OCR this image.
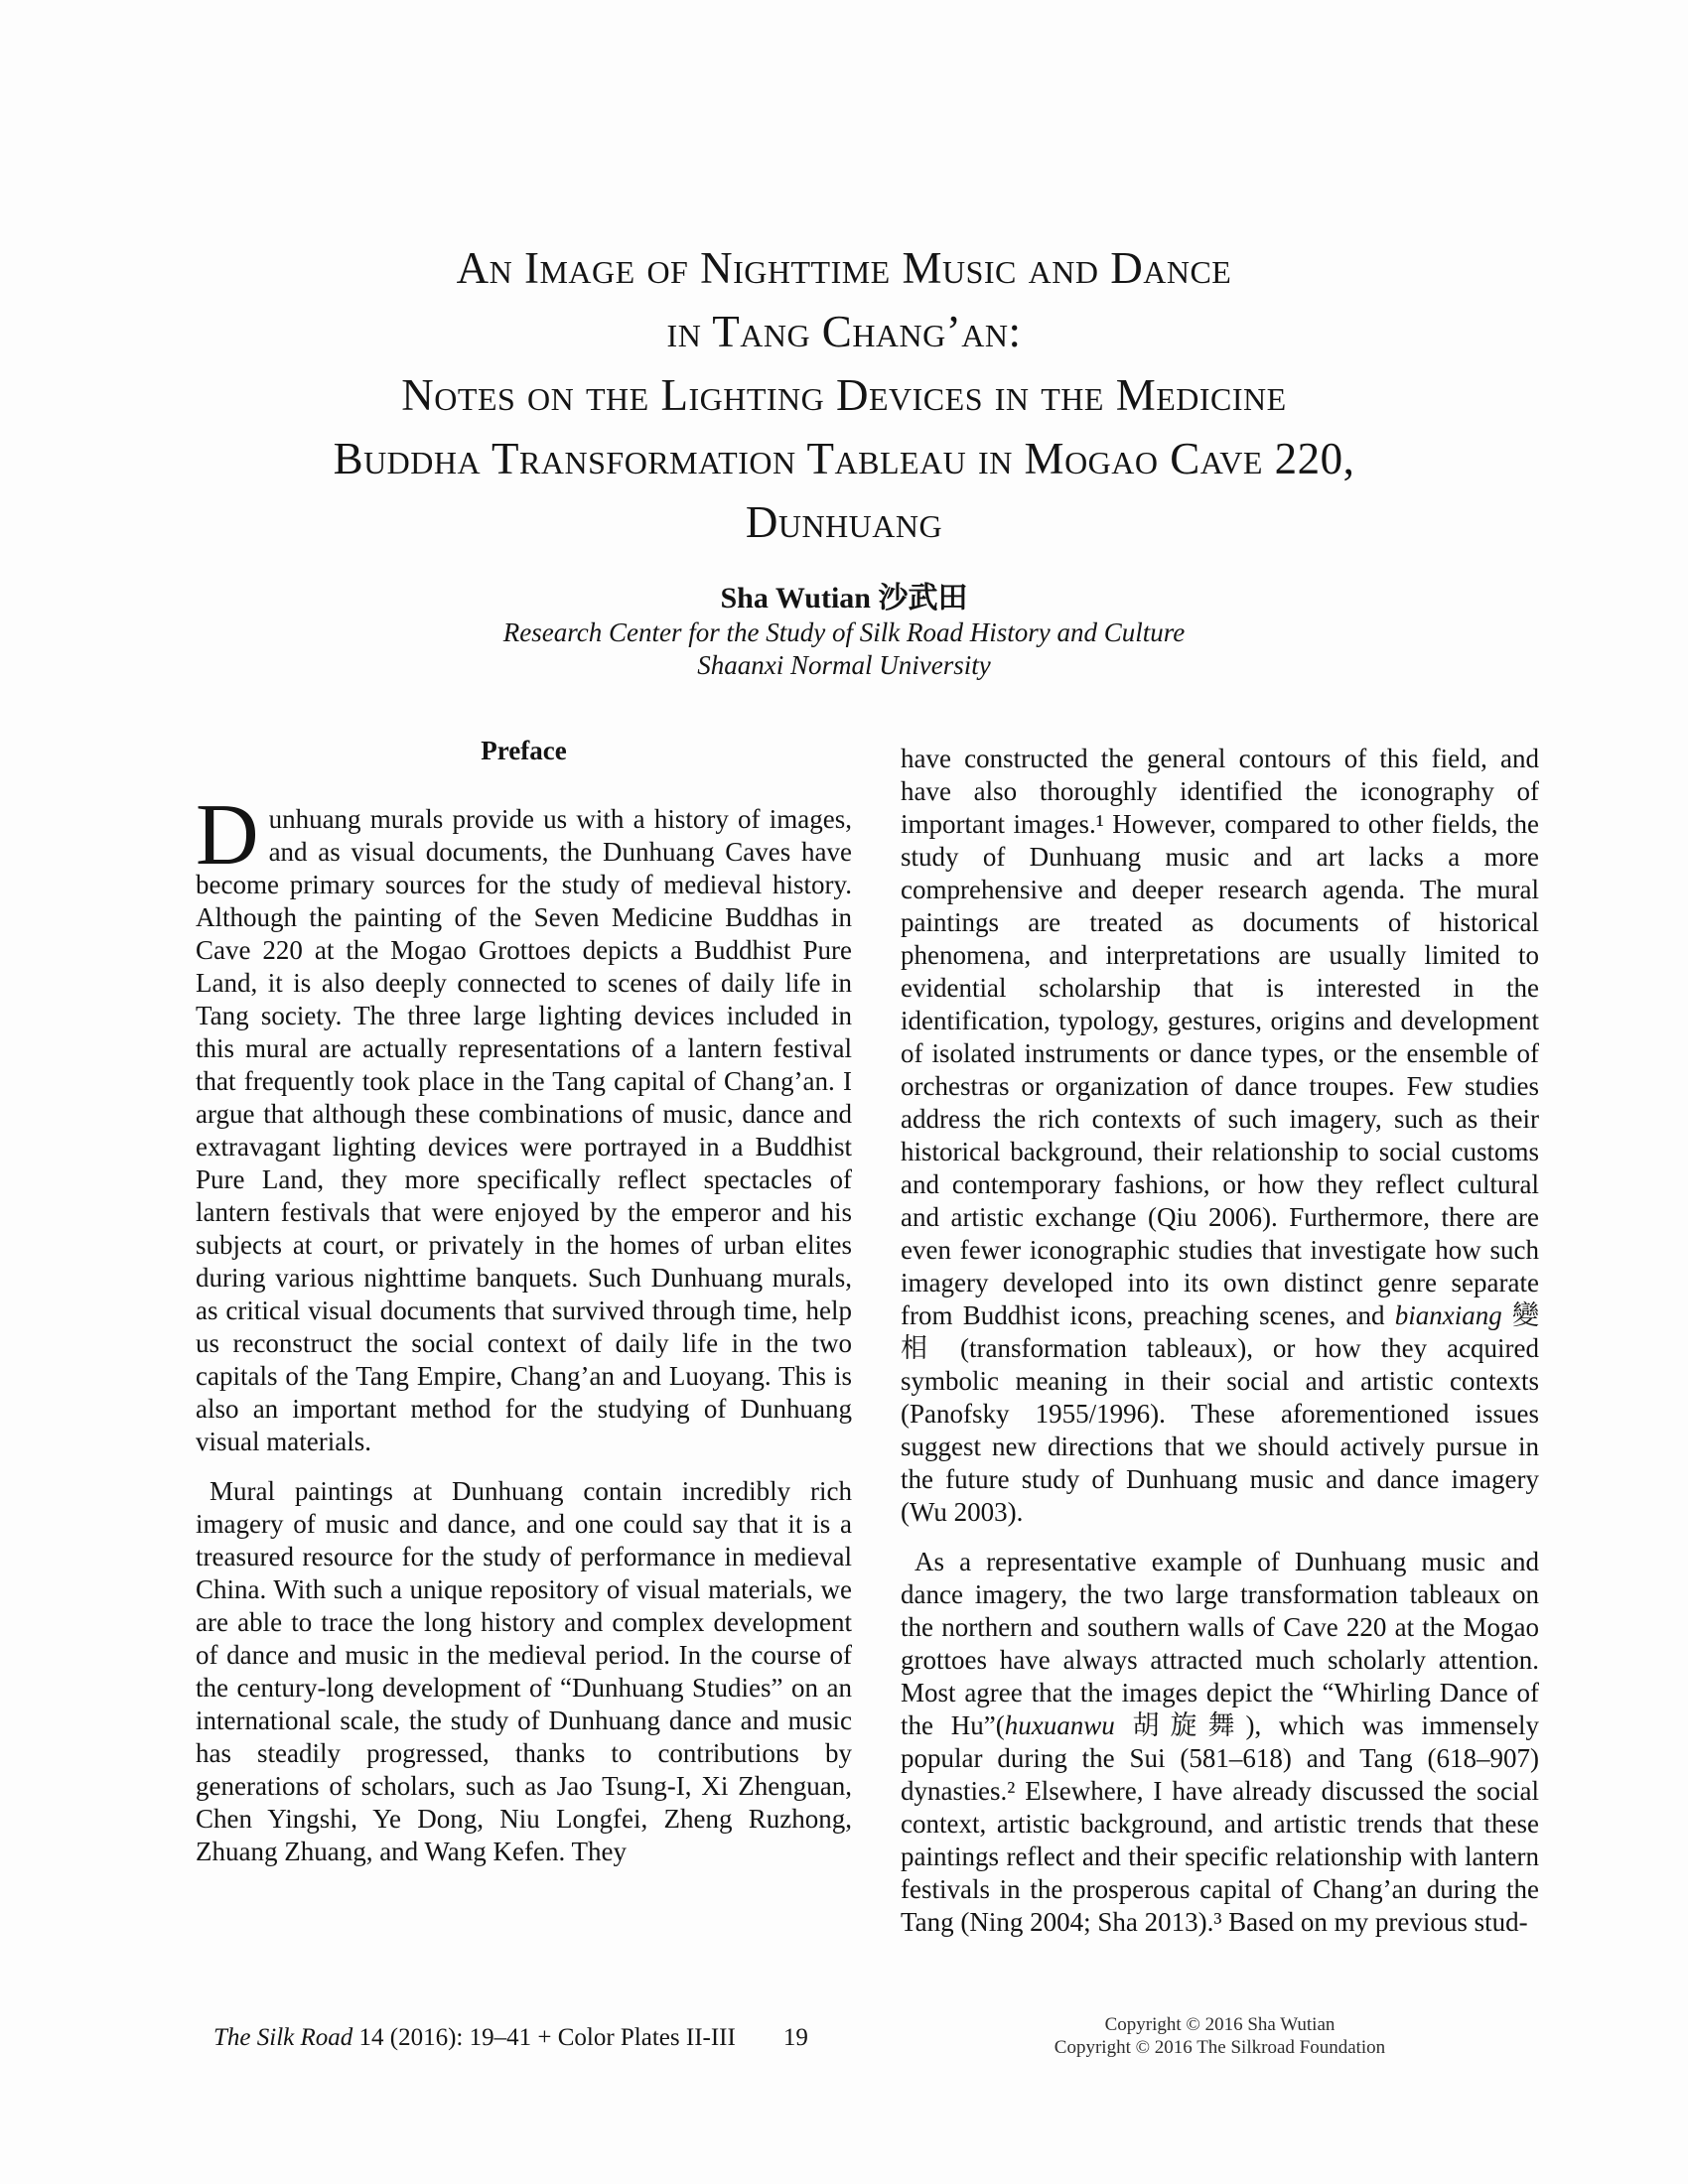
An Image of Nighttime Music and Dance
in Tang Chang’an:
Notes on the Lighting Devices in the Medicine
Buddha Transformation Tableau in Mogao Cave 220,
Dunhuang
Sha Wutian 沙武田
Research Center for the Study of Silk Road History and Culture
Shaanxi Normal University
Preface

Dunhuang murals provide us with a history of images, and as visual documents, the Dunhuang Caves have become primary sources for the study of medieval history. Although the painting of the Seven Medicine Buddhas in Cave 220 at the Mogao Grottoes depicts a Buddhist Pure Land, it is also deeply connected to scenes of daily life in Tang society. The three large lighting devices included in this mural are actually representations of a lantern festival that frequently took place in the Tang capital of Chang’an. I argue that although these combinations of music, dance and extravagant lighting devices were portrayed in a Buddhist Pure Land, they more specifically reflect spectacles of lantern festivals that were enjoyed by the emperor and his subjects at court, or privately in the homes of urban elites during various nighttime banquets. Such Dunhuang murals, as critical visual documents that survived through time, help us reconstruct the social context of daily life in the two capitals of the Tang Empire, Chang’an and Luoyang. This is also an important method for the studying of Dunhuang visual materials.

Mural paintings at Dunhuang contain incredibly rich imagery of music and dance, and one could say that it is a treasured resource for the study of performance in medieval China. With such a unique repository of visual materials, we are able to trace the long history and complex development of dance and music in the medieval period. In the course of the century-long development of “Dunhuang Studies” on an international scale, the study of Dunhuang dance and music has steadily progressed, thanks to contributions by generations of scholars, such as Jao Tsung-I, Xi Zhenguan, Chen Yingshi, Ye Dong, Niu Longfei, Zheng Ruzhong, Zhuang Zhuang, and Wang Kefen. They

have constructed the general contours of this field, and have also thoroughly identified the iconography of important images.¹ However, compared to other fields, the study of Dunhuang music and art lacks a more comprehensive and deeper research agenda. The mural paintings are treated as documents of historical phenomena, and interpretations are usually limited to evidential scholarship that is interested in the identification, typology, gestures, origins and development of isolated instruments or dance types, or the ensemble of orchestras or organization of dance troupes. Few studies address the rich contexts of such imagery, such as their historical background, their relationship to social customs and contemporary fashions, or how they reflect cultural and artistic exchange (Qiu 2006). Furthermore, there are even fewer iconographic studies that investigate how such imagery developed into its own distinct genre separate from Buddhist icons, preaching scenes, and bianxiang 變相 (transformation tableaux), or how they acquired symbolic meaning in their social and artistic contexts (Panofsky 1955/1996). These aforementioned issues suggest new directions that we should actively pursue in the future study of Dunhuang music and dance imagery (Wu 2003).

As a representative example of Dunhuang music and dance imagery, the two large transformation tableaux on the northern and southern walls of Cave 220 at the Mogao grottoes have always attracted much scholarly attention. Most agree that the images depict the “Whirling Dance of the Hu”(huxuanwu 胡旋舞), which was immensely popular during the Sui (581–618) and Tang (618–907) dynasties.² Elsewhere, I have already discussed the social context, artistic background, and artistic trends that these paintings reflect and their specific relationship with lantern festivals in the prosperous capital of Chang’an during the Tang (Ning 2004; Sha 2013).³ Based on my previous stud-

The Silk Road 14 (2016): 19–41 + Color Plates II-III 19	Copyright © 2016 Sha Wutian
Copyright © 2016 The Silkroad Foundation
